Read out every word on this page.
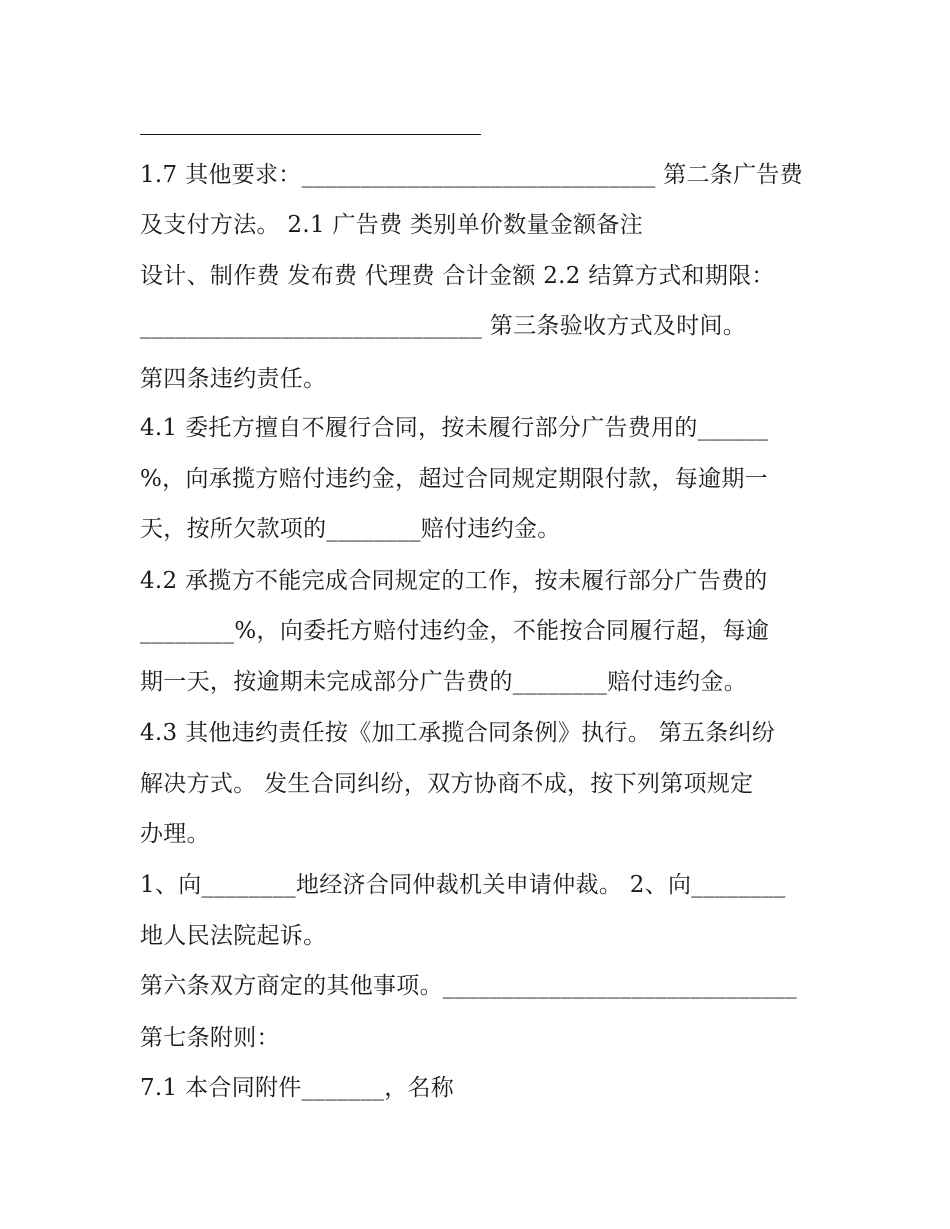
1.7 其他要求：______________________________ 第二条广告费
及支付方法。 2.1 广告费 类别单价数量金额备注
设计、制作费 发布费 代理费 合计金额 2.2 结算方式和期限：
_____________________________ 第三条验收方式及时间。
第四条违约责任。
4.1 委托方擅自不履行合同，按未履行部分广告费用的______
%，向承揽方赔付违约金，超过合同规定期限付款，每逾期一
天，按所欠款项的________赔付违约金。
4.2 承揽方不能完成合同规定的工作，按未履行部分广告费的
________%，向委托方赔付违约金，不能按合同履行超，每逾
期一天，按逾期未完成部分广告费的________赔付违约金。
4.3 其他违约责任按《加工承揽合同条例》执行。 第五条纠纷
解决方式。 发生合同纠纷，双方协商不成，按下列第项规定
办理。
1、向________地经济合同仲裁机关申请仲裁。 2、向________
地人民法院起诉。
第六条双方商定的其他事项。______________________________
第七条附则：
7.1 本合同附件_______，名称
